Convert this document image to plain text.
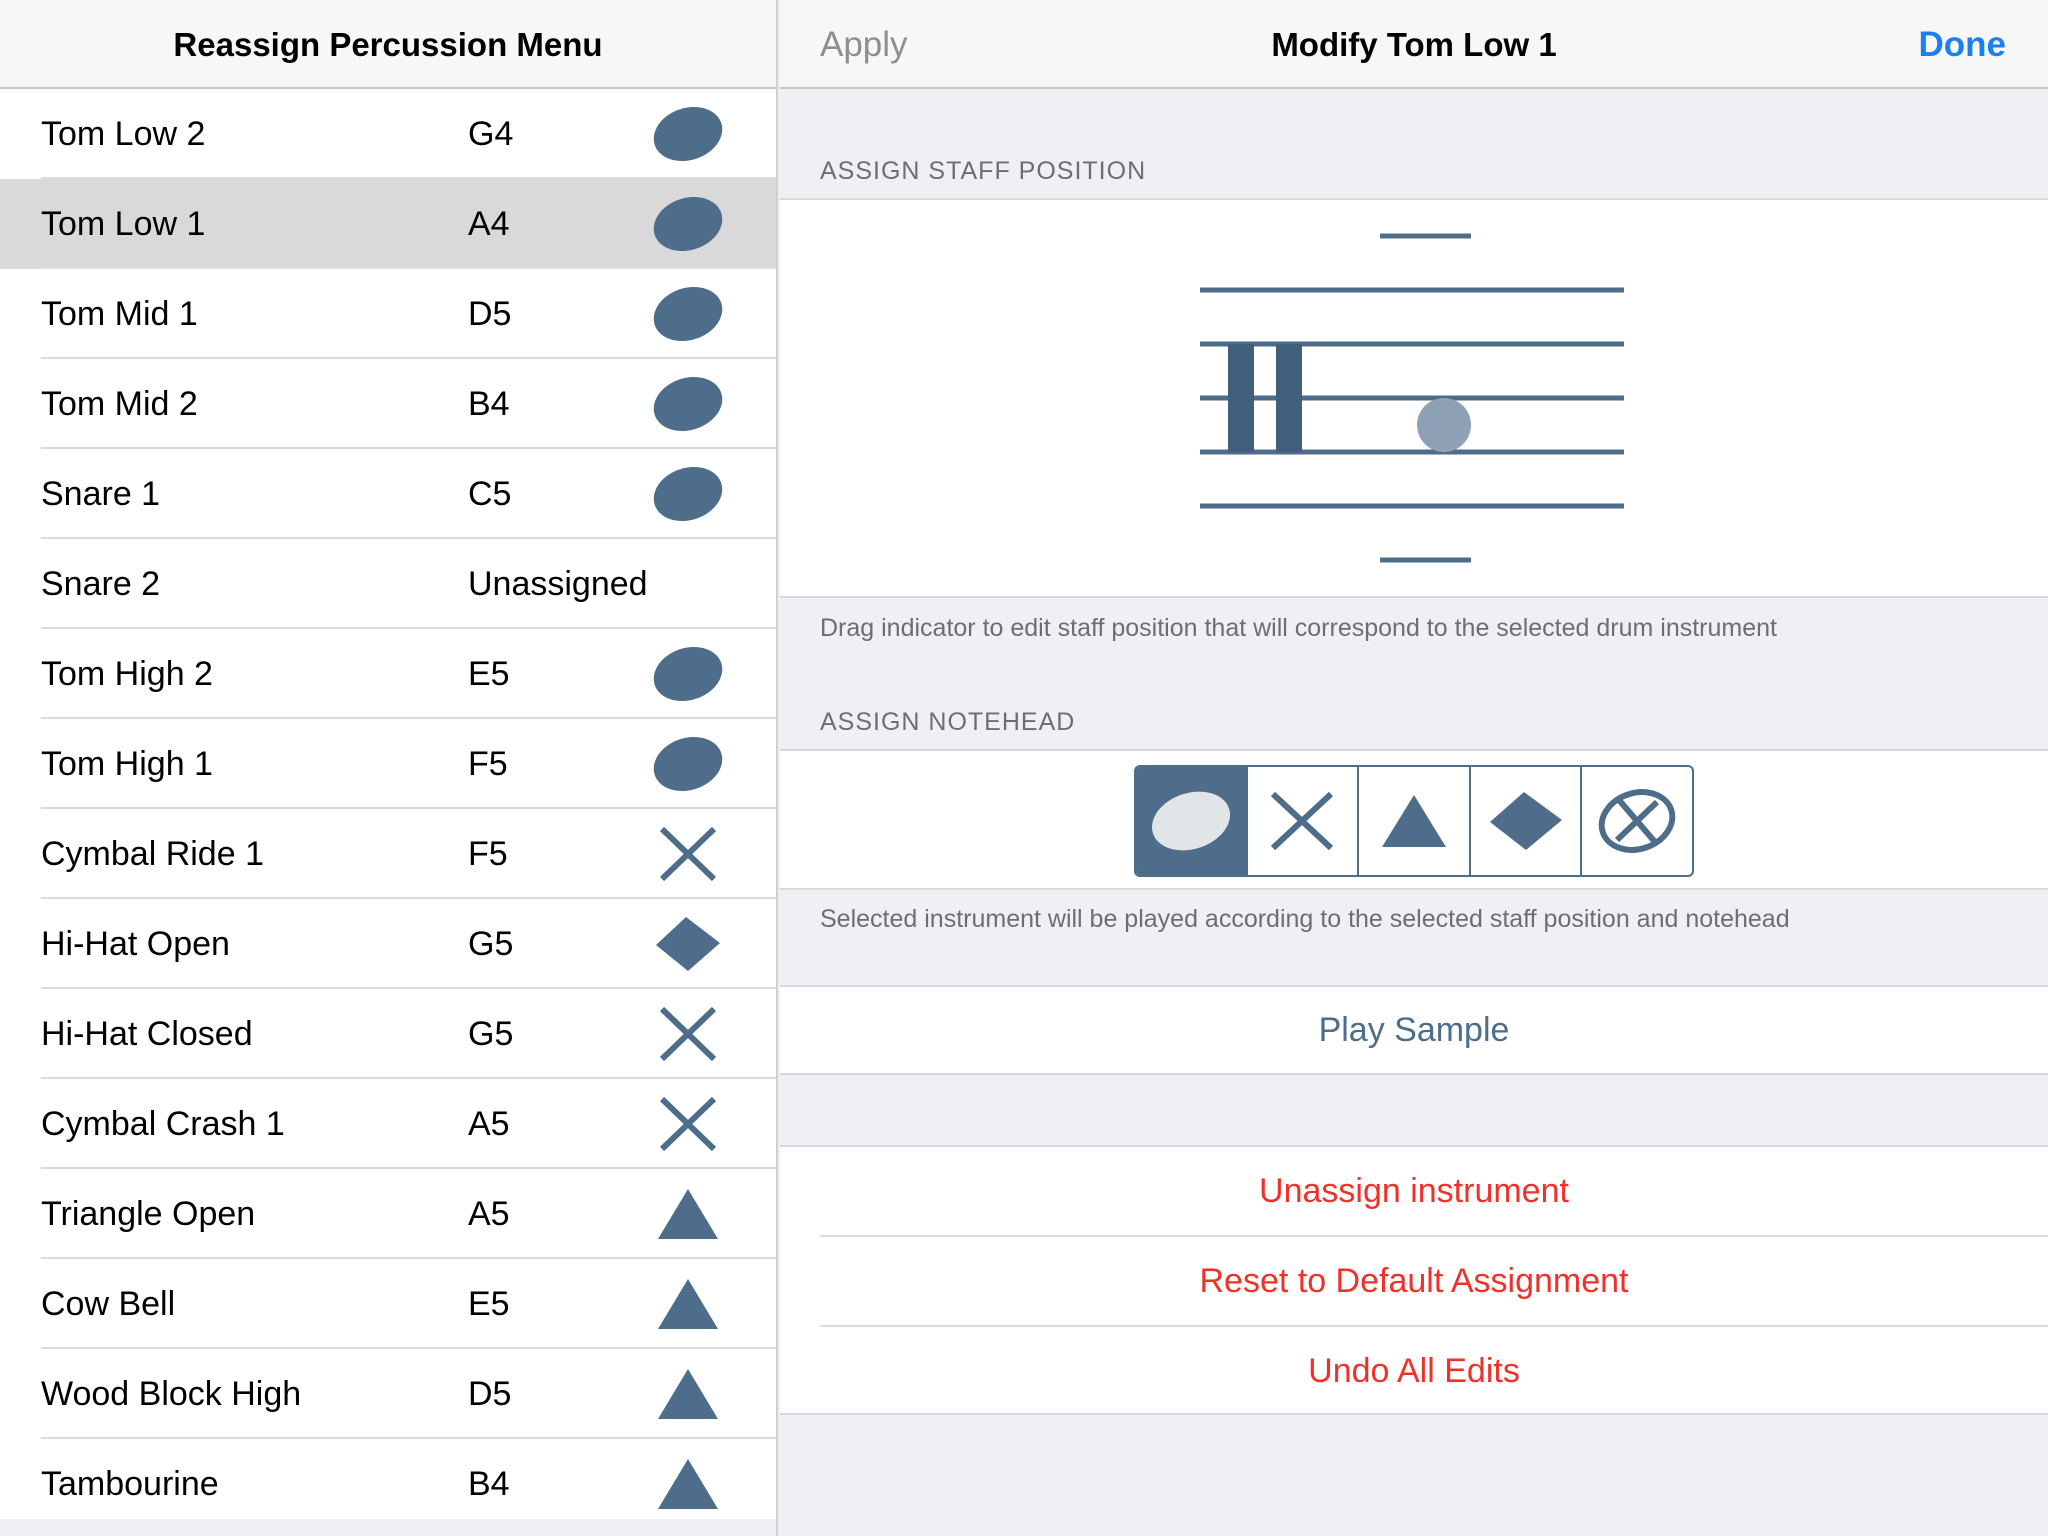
Reassign Percussion Menu
Tom Low 2	G4
Tom Low 1	A4
Tom Mid 1	D5
Tom Mid 2	B4
Snare 1	C5
Snare 2	Unassigned
Tom High 2	E5
Tom High 1	F5
Cymbal Ride 1	F5
Hi-Hat Open	G5
Hi-Hat Closed	G5
Cymbal Crash 1	A5
Triangle Open	A5
Cow Bell	E5
Wood Block High	D5
Tambourine	B4
Apply	Modify Tom Low 1	Done
ASSIGN STAFF POSITION
Drag indicator to edit staff position that will correspond to the selected drum instrument
ASSIGN NOTEHEAD
Selected instrument will be played according to the selected staff position and notehead
Play Sample
Unassign instrument
Reset to Default Assignment
Undo All Edits
